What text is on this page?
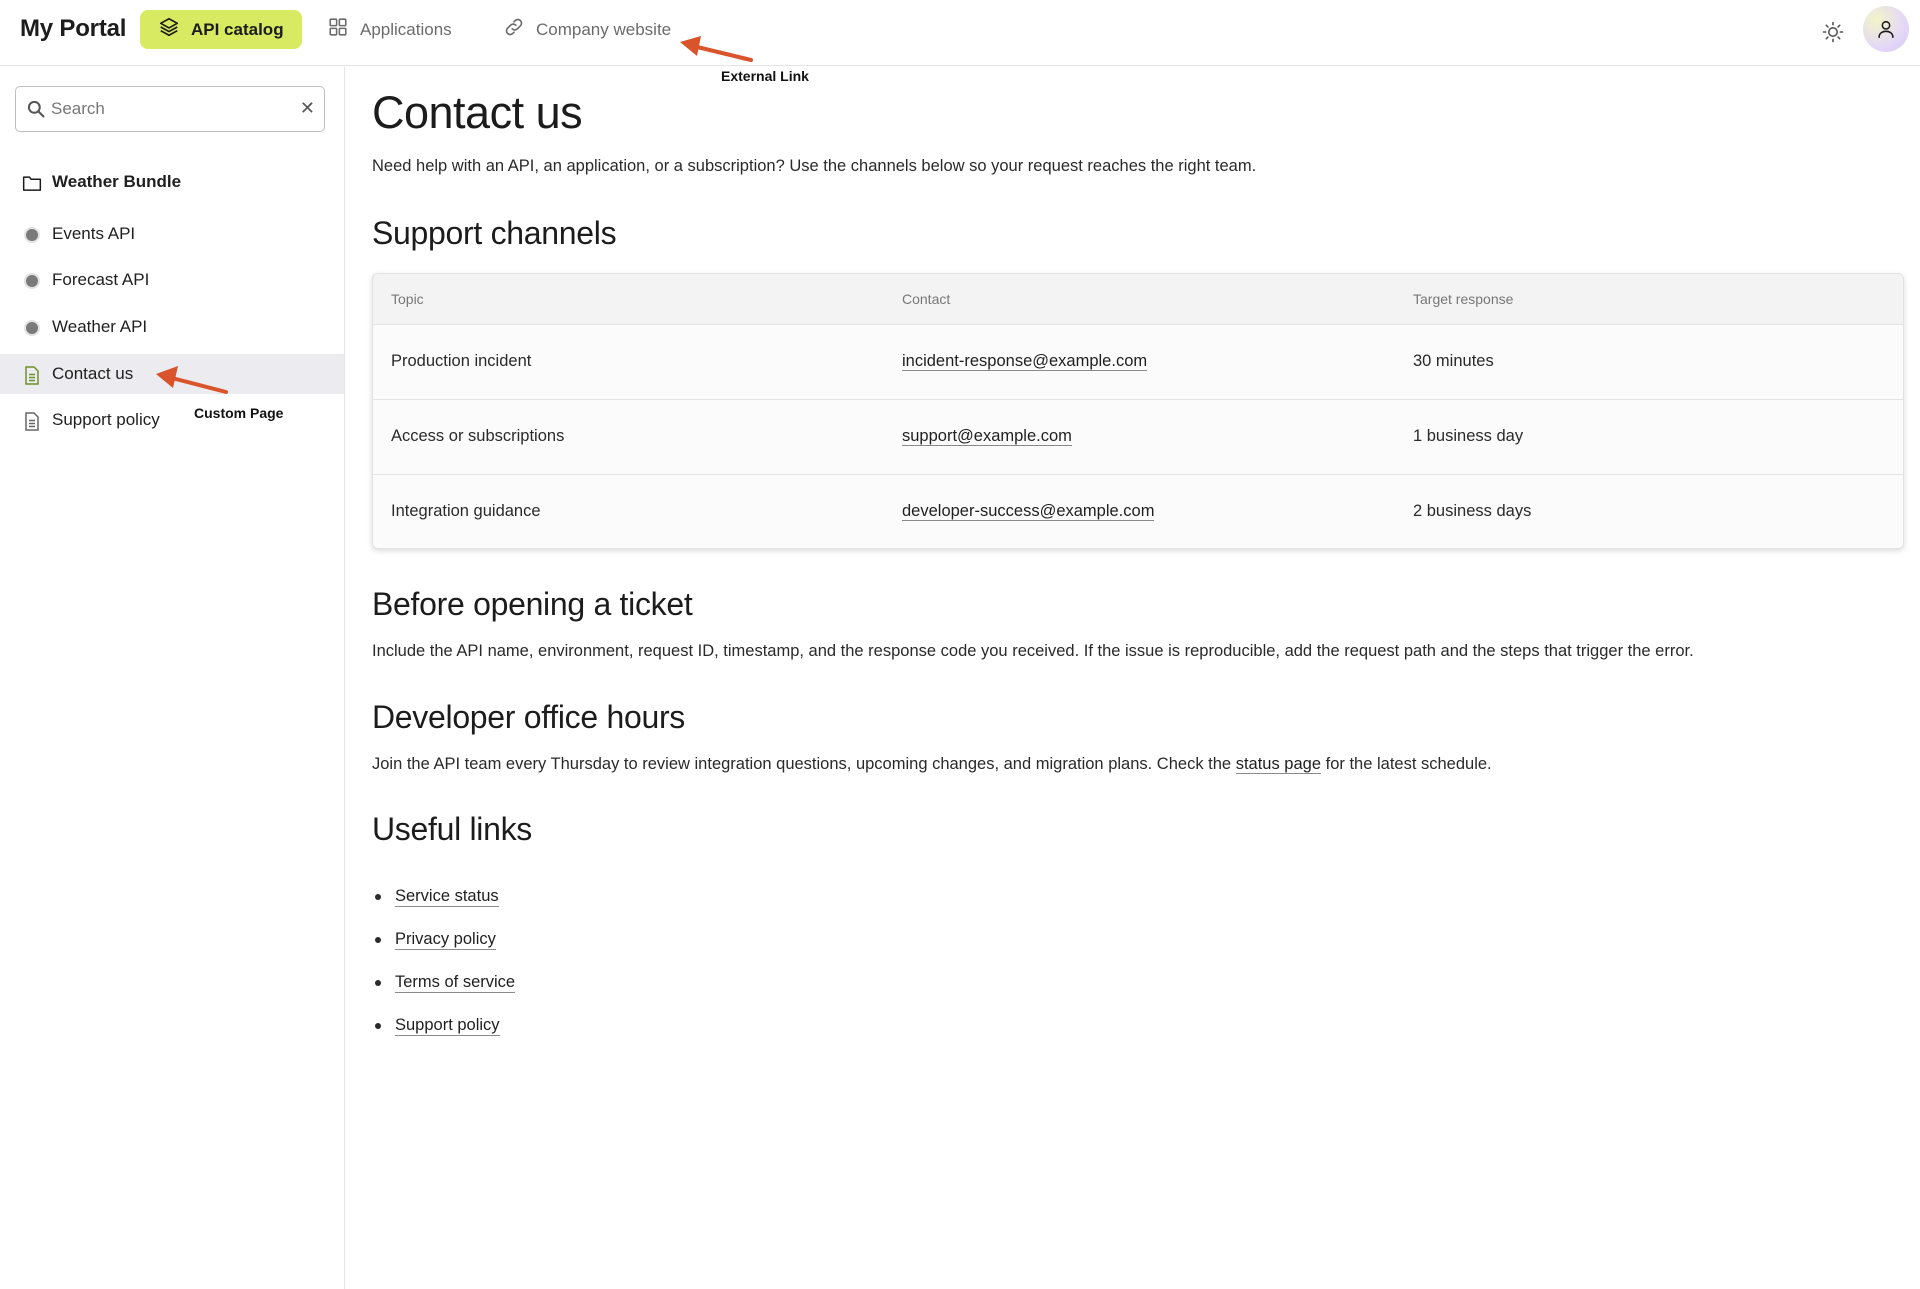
My Portal	API catalog	Applications	Company website
External Link
Search
✕
Weather Bundle
Events API
Forecast API
Weather API
Contact us
Support policy Custom Page
Contact us

Need help with an API, an application, or a subscription? Use the channels below so your request reaches the right team.

Support channels
Topic	Contact	Target response
Production incident	incident-response@example.com	30 minutes
Access or subscriptions	support@example.com	1 business day
Integration guidance	developer-success@example.com	2 business days
Before opening a ticket

Include the API name, environment, request ID, timestamp, and the response code you received. If the issue is reproducible, add the request path and the steps that trigger the error.

Developer office hours

Join the API team every Thursday to review integration questions, upcoming changes, and migration plans. Check the status page for the latest schedule.

Useful links
Service status
Privacy policy
Terms of service
Support policy
